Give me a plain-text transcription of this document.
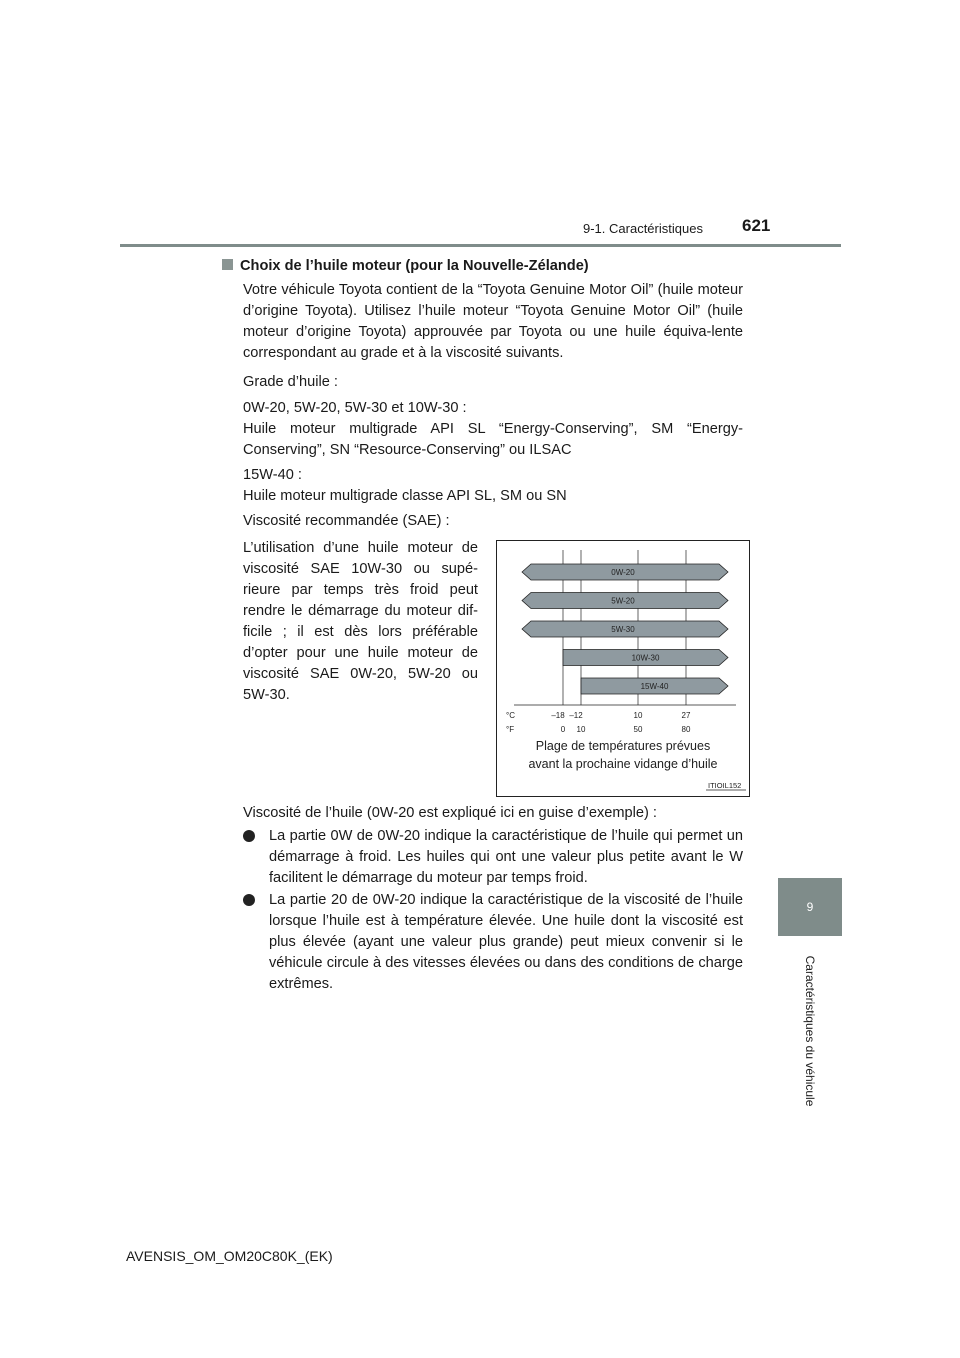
9-1. Caractéristiques 621
9
Caractéristiques du véhicule
Choix de l’huile moteur (pour la Nouvelle-Zélande)
Votre véhicule Toyota contient de la “Toyota Genuine Motor Oil” (huile moteur d’origine Toyota). Utilisez l’huile moteur “Toyota Genuine Motor Oil” (huile moteur d’origine Toyota) approuvée par Toyota ou une huile équiva-lente correspondant au grade et à la viscosité suivants.
Grade d’huile :
0W-20, 5W-20, 5W-30 et 10W-30 :
Huile moteur multigrade API SL “Energy-Conserving”, SM “Energy-Conserving”, SN “Resource-Conserving” ou ILSAC
15W-40 :
Huile moteur multigrade classe API SL, SM ou SN
Viscosité recommandée (SAE) :
L’utilisation d’une huile moteur de viscosité SAE 10W-30 ou supé-rieure par temps très froid peut rendre le démarrage du moteur dif-ficile ; il est dès lors préférable d’opter pour une huile moteur de viscosité SAE 0W-20, 5W-20 ou 5W-30.
0W-20
5W-20
5W-30
10W-30
15W-40
°C
°F
–18 –12	10	27
0 10	50	80
Plage de températures prévues
avant la prochaine vidange d’huile
ITIOIL152
Viscosité de l’huile (0W-20 est expliqué ici en guise d’exemple) :
La partie 0W de 0W-20 indique la caractéristique de l’huile qui permet un démarrage à froid. Les huiles qui ont une valeur plus petite avant le W facilitent le démarrage du moteur par temps froid.
La partie 20 de 0W-20 indique la caractéristique de la viscosité de l’huile lorsque l’huile est à température élevée. Une huile dont la viscosité est plus élevée (ayant une valeur plus grande) peut mieux convenir si le véhicule circule à des vitesses élevées ou dans des conditions de charge extrêmes.
AVENSIS_OM_OM20C80K_(EK)
